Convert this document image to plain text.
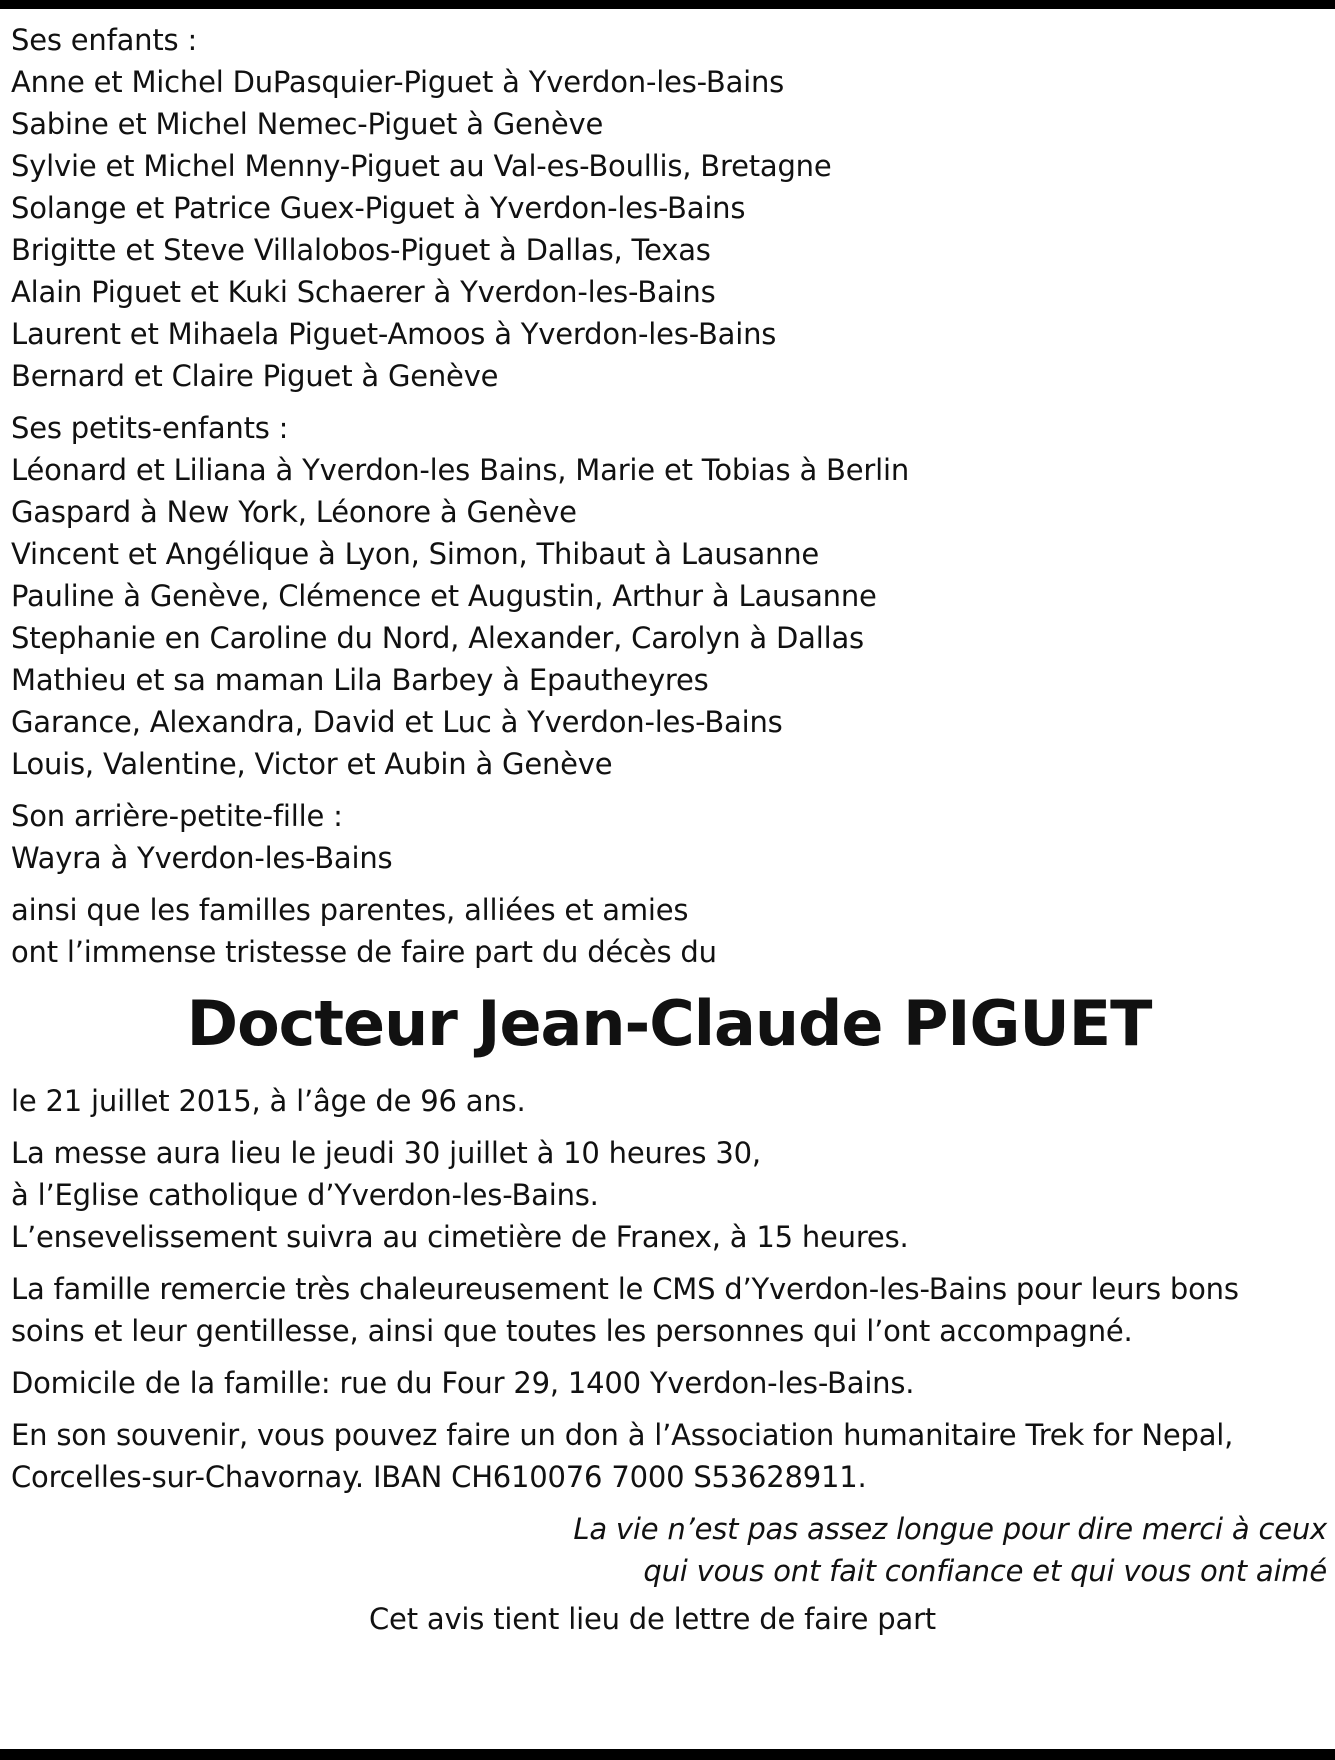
Ses enfants :
Anne et Michel DuPasquier-Piguet à Yverdon-les-Bains
Sabine et Michel Nemec-Piguet à Genève
Sylvie et Michel Menny-Piguet au Val-es-Boullis, Bretagne
Solange et Patrice Guex-Piguet à Yverdon-les-Bains
Brigitte et Steve Villalobos-Piguet à Dallas, Texas
Alain Piguet et Kuki Schaerer à Yverdon-les-Bains
Laurent et Mihaela Piguet-Amoos à Yverdon-les-Bains
Bernard et Claire Piguet à Genève
Ses petits-enfants :
Léonard et Liliana à Yverdon-les Bains, Marie et Tobias à Berlin
Gaspard à New York, Léonore à Genève
Vincent et Angélique à Lyon, Simon, Thibaut à Lausanne
Pauline à Genève, Clémence et Augustin, Arthur à Lausanne
Stephanie en Caroline du Nord, Alexander, Carolyn à Dallas
Mathieu et sa maman Lila Barbey à Epautheyres
Garance, Alexandra, David et Luc à Yverdon-les-Bains
Louis, Valentine, Victor et Aubin à Genève
Son arrière-petite-fille :
Wayra à Yverdon-les-Bains
ainsi que les familles parentes, alliées et amies
ont l’immense tristesse de faire part du décès du
Docteur Jean-Claude PIGUET
le 21 juillet 2015, à l’âge de 96 ans.
La messe aura lieu le jeudi 30 juillet à 10 heures 30,
à l’Eglise catholique d’Yverdon-les-Bains.
L’ensevelissement suivra au cimetière de Franex, à 15 heures.
La famille remercie très chaleureusement le CMS d’Yverdon-les-Bains pour leurs bons
soins et leur gentillesse, ainsi que toutes les personnes qui l’ont accompagné.
Domicile de la famille: rue du Four 29, 1400 Yverdon-les-Bains.
En son souvenir, vous pouvez faire un don à l’Association humanitaire Trek for Nepal,
Corcelles-sur-Chavornay. IBAN CH610076 7000 S53628911.
La vie n’est pas assez longue pour dire merci à ceux
qui vous ont fait confiance et qui vous ont aimé
Cet avis tient lieu de lettre de faire part
